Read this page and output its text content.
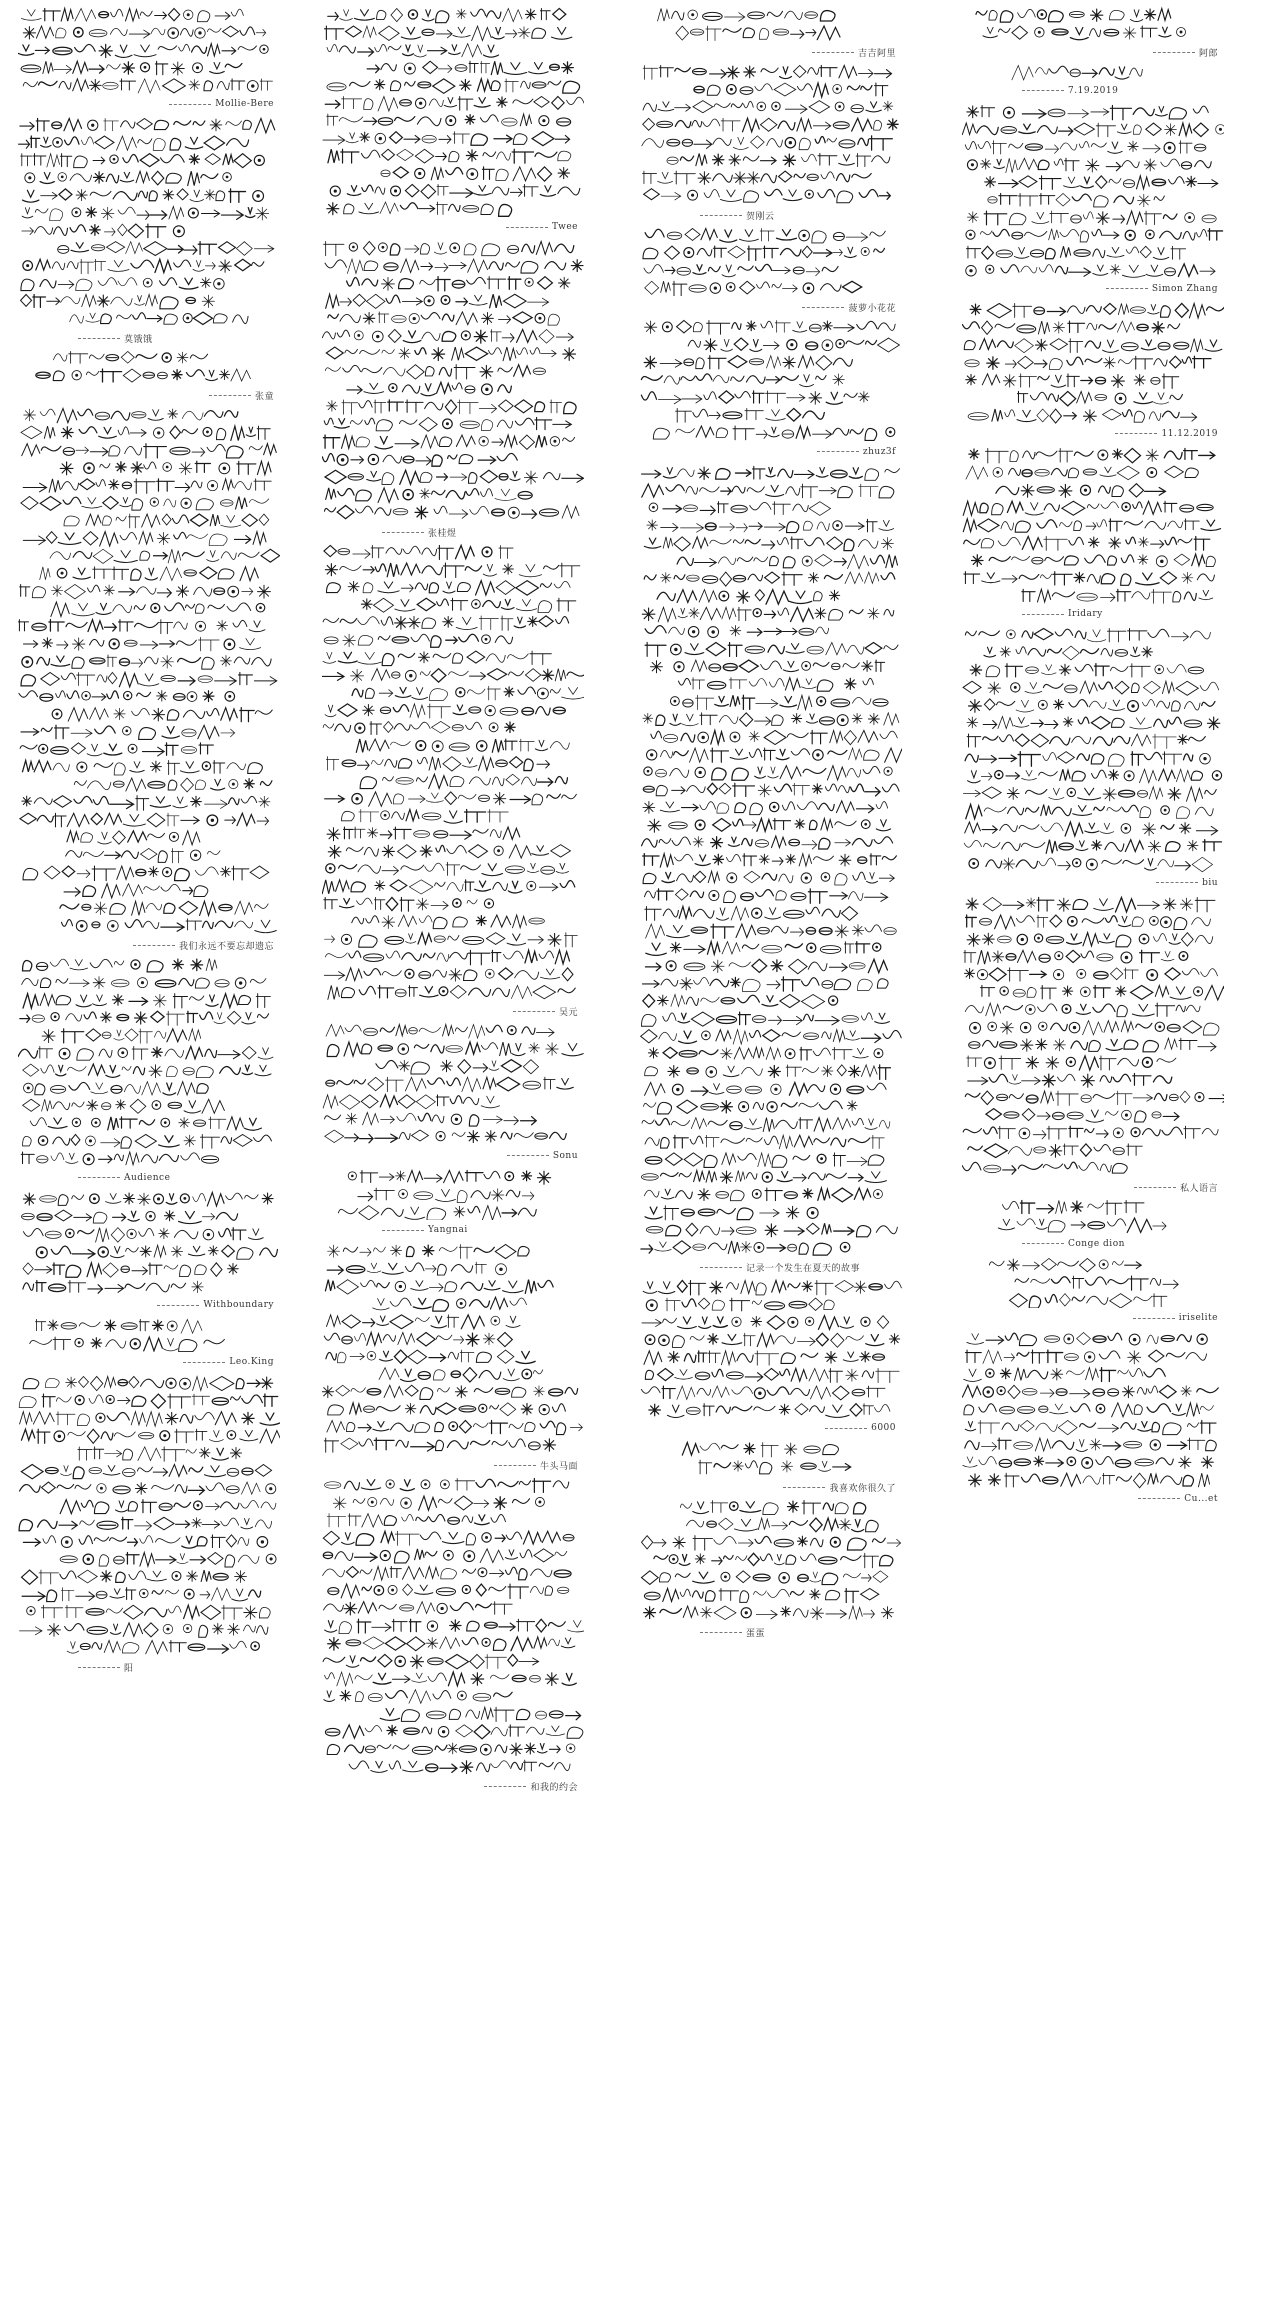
Mollie-Bere
莫饿饿
张童
我们永远不要忘却遗忘
Audience
Withboundary
Leo.King
阳
Twee
张桂煜
吴元
Sonu
Yangnai
牛头马面
和我的约会
吉吉阿里
贺刚云
菠萝小花花
zhuz3f
记录一个发生在夏天的故事
6000
我喜欢你很久了
蛋蛋
阿郎
7.19.2019
Simon Zhang
11.12.2019
Iridary
biu
私人语言
Conge dion
iriselite
Cu...et
